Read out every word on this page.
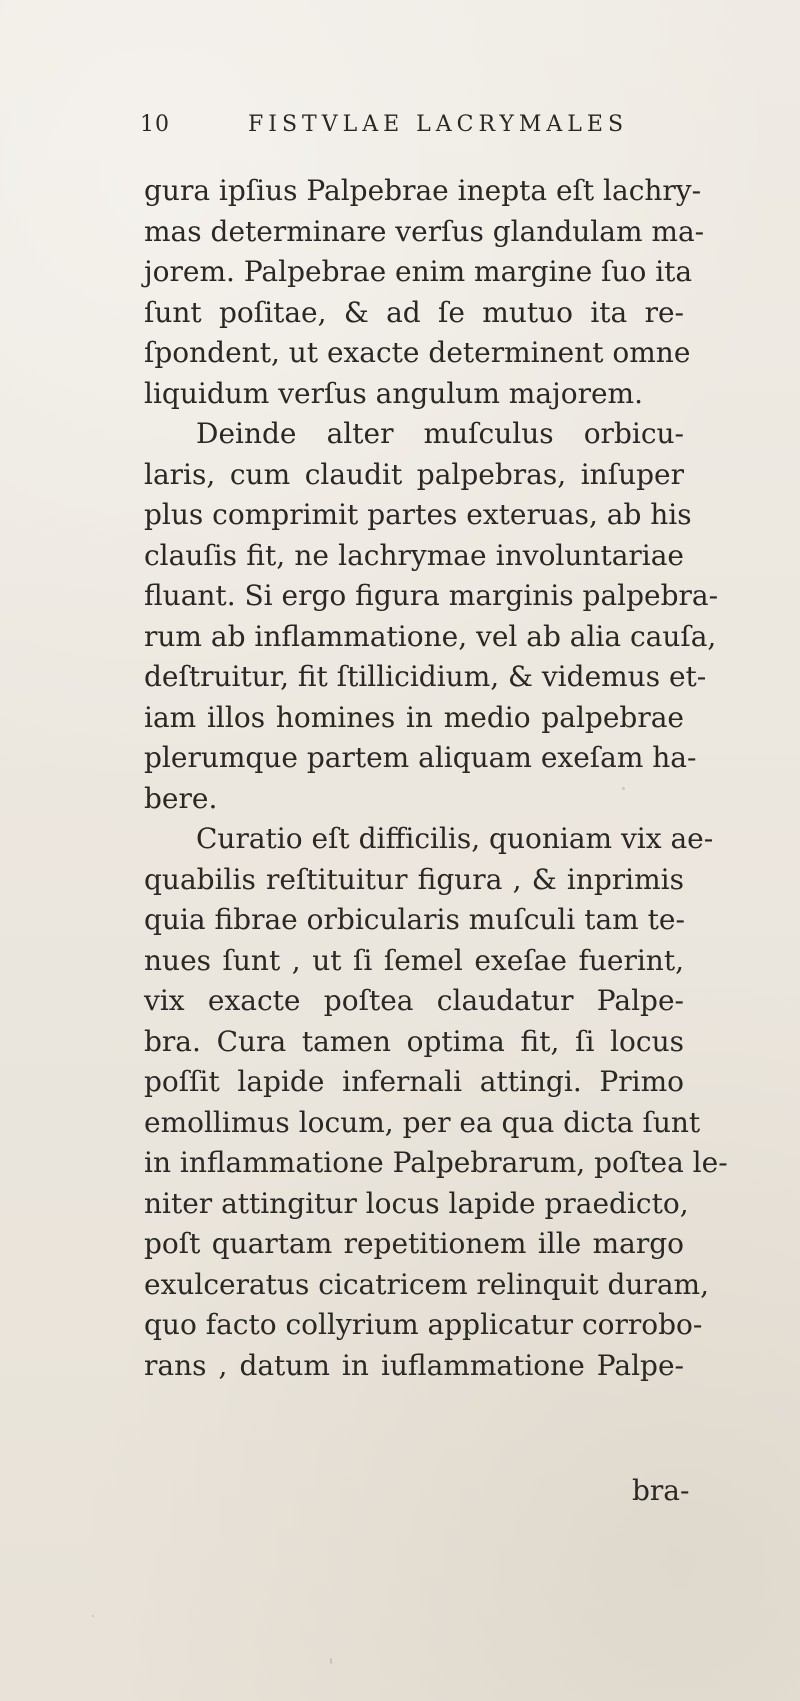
10	FISTVLAE LACRYMALES
gura ipſius Palpebrae inepta eſt lachry-
mas determinare verſus glandulam ma-
jorem. Palpebrae enim margine ſuo ita
ſunt poſitae, & ad ſe mutuo ita re-
ſpondent, ut exacte determinent omne
liquidum verſus angulum majorem.
Deinde alter muſculus orbicu-
laris, cum claudit palpebras, inſuper
plus comprimit partes exteruas, ab his
clauſis fit, ne lachrymae involuntariae
fluant. Si ergo figura marginis palpebra-
rum ab inflammatione, vel ab alia cauſa,
deſtruitur, fit ſtillicidium, & videmus et-
iam illos homines in medio palpebrae
plerumque partem aliquam exeſam ha-
bere.
Curatio eſt difficilis, quoniam vix ae-
quabilis reſtituitur figura , & inprimis
quia fibrae orbicularis muſculi tam te-
nues ſunt , ut ſi ſemel exeſae fuerint,
vix exacte poſtea claudatur Palpe-
bra. Cura tamen optima fit, ſi locus
poſſit lapide infernali attingi. Primo
emollimus locum, per ea qua dicta ſunt
in inflammatione Palpebrarum, poſtea le-
niter attingitur locus lapide praedicto,
poſt quartam repetitionem ille margo
exulceratus cicatricem relinquit duram,
quo facto collyrium applicatur corrobo-
rans , datum in iuflammatione Palpe-
bra-
